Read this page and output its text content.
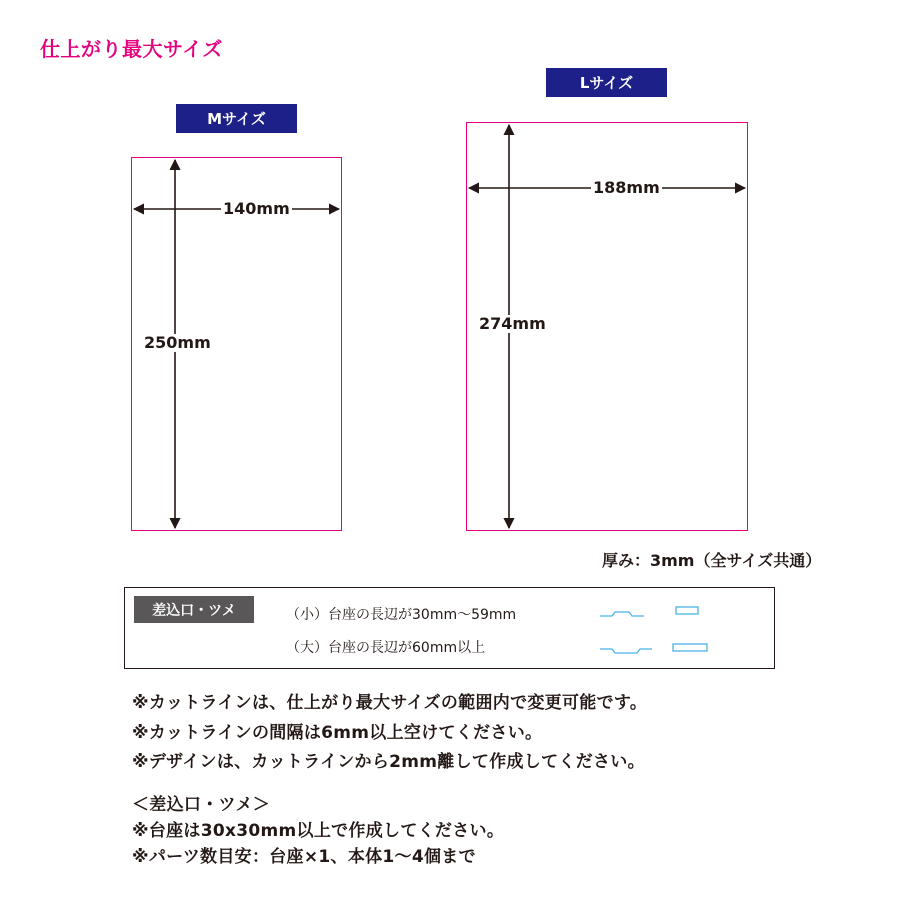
仕上がり最大サイズ
Mサイズ
Lサイズ
140mm
250mm
188mm
274mm
厚み：3mm（全サイズ共通）
差込口・ツメ	（小）台座の長辺が30mm〜59mm
（大）台座の長辺が60mm以上
※カットラインは、仕上がり最大サイズの範囲内で変更可能です。
※カットラインの間隔は6mm以上空けてください。
※デザインは、カットラインから2mm離して作成してください。
＜差込口・ツメ＞
※台座は30x30mm以上で作成してください。
※パーツ数目安：台座×1、本体1〜4個まで
